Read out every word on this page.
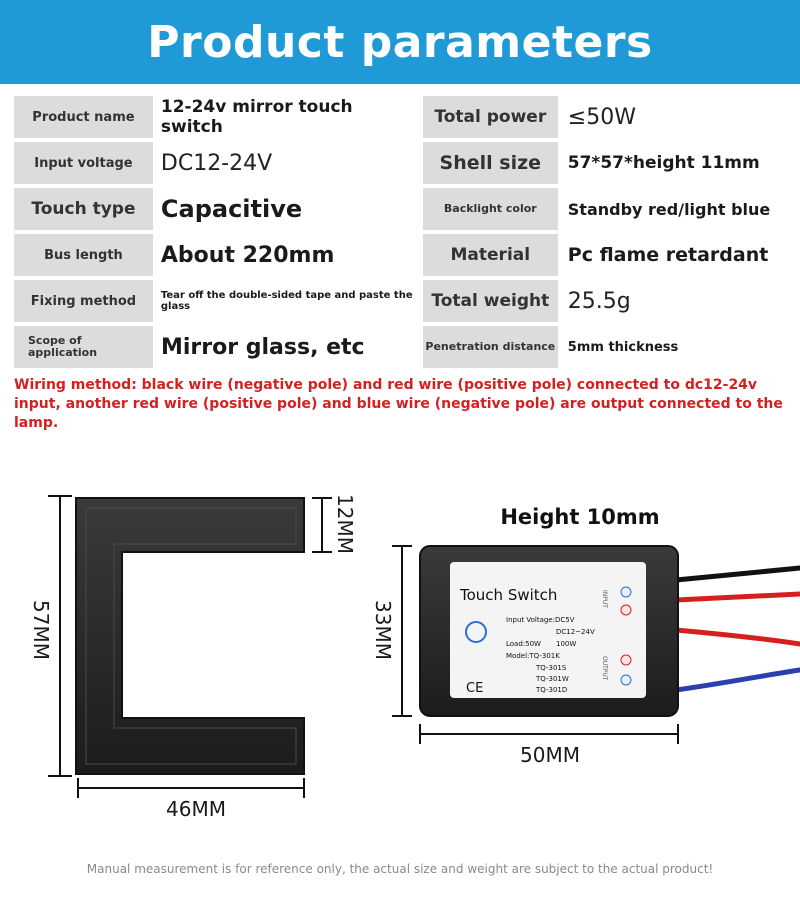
Product parameters
Product name	12-24v mirror touch switch	Total power ≤50W
Input voltage	DC12-24V	Shell size	57*57*height 11mm
Touch type	Capacitive	Backlight color	Standby red/light blue
Bus length	About 220mm	Material	Pc flame retardant
Fixing method	Tear off the double-sided tape and paste the glass	Total weight 25.5g
Scope of application	Mirror glass, etc	Penetration distance 5mm thickness
Wiring method: black wire (negative pole) and red wire (positive pole) connected to dc12-24v input, another red wire (positive pole) and blue wire (negative pole) are output connected to the lamp.
57MM
12MM
46MM
Height 10mm
Touch Switch
Input Voltage:DC5V
DC12~24V
Load:50W 100W
Model:TQ-301K
TQ-301S
TQ-301W
TQ-301D
CE
INPUT
OUTPUT
33MM
50MM
Manual measurement is for reference only, the actual size and weight are subject to the actual product!
